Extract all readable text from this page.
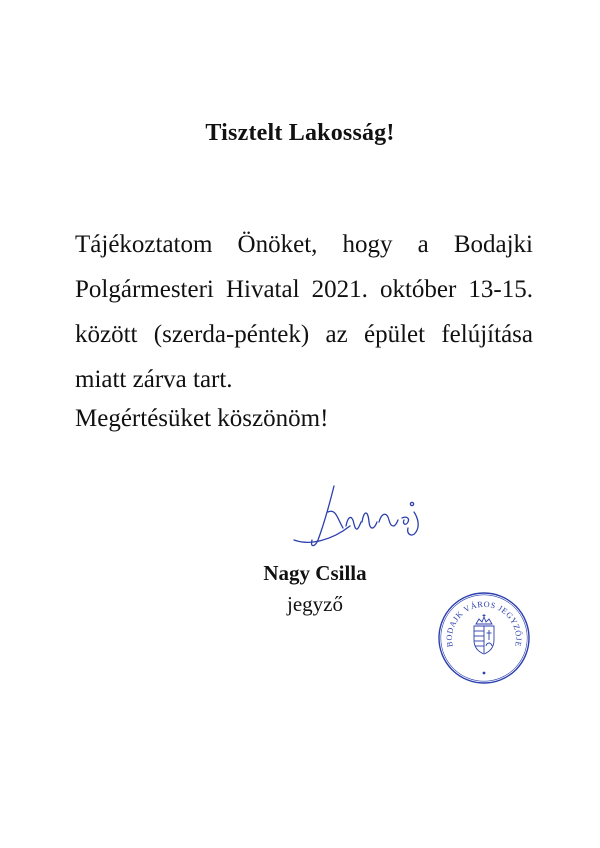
Tisztelt Lakosság!
Tájékoztatom Önöket, hogy a Bodajki Polgármesteri Hivatal 2021. október 13-15. között (szerda-péntek) az épület felújítása miatt zárva tart.
Megértésüket köszönöm!
Nagy Csilla
jegyző
BODAJK VÁROS JEGYZŐJE
